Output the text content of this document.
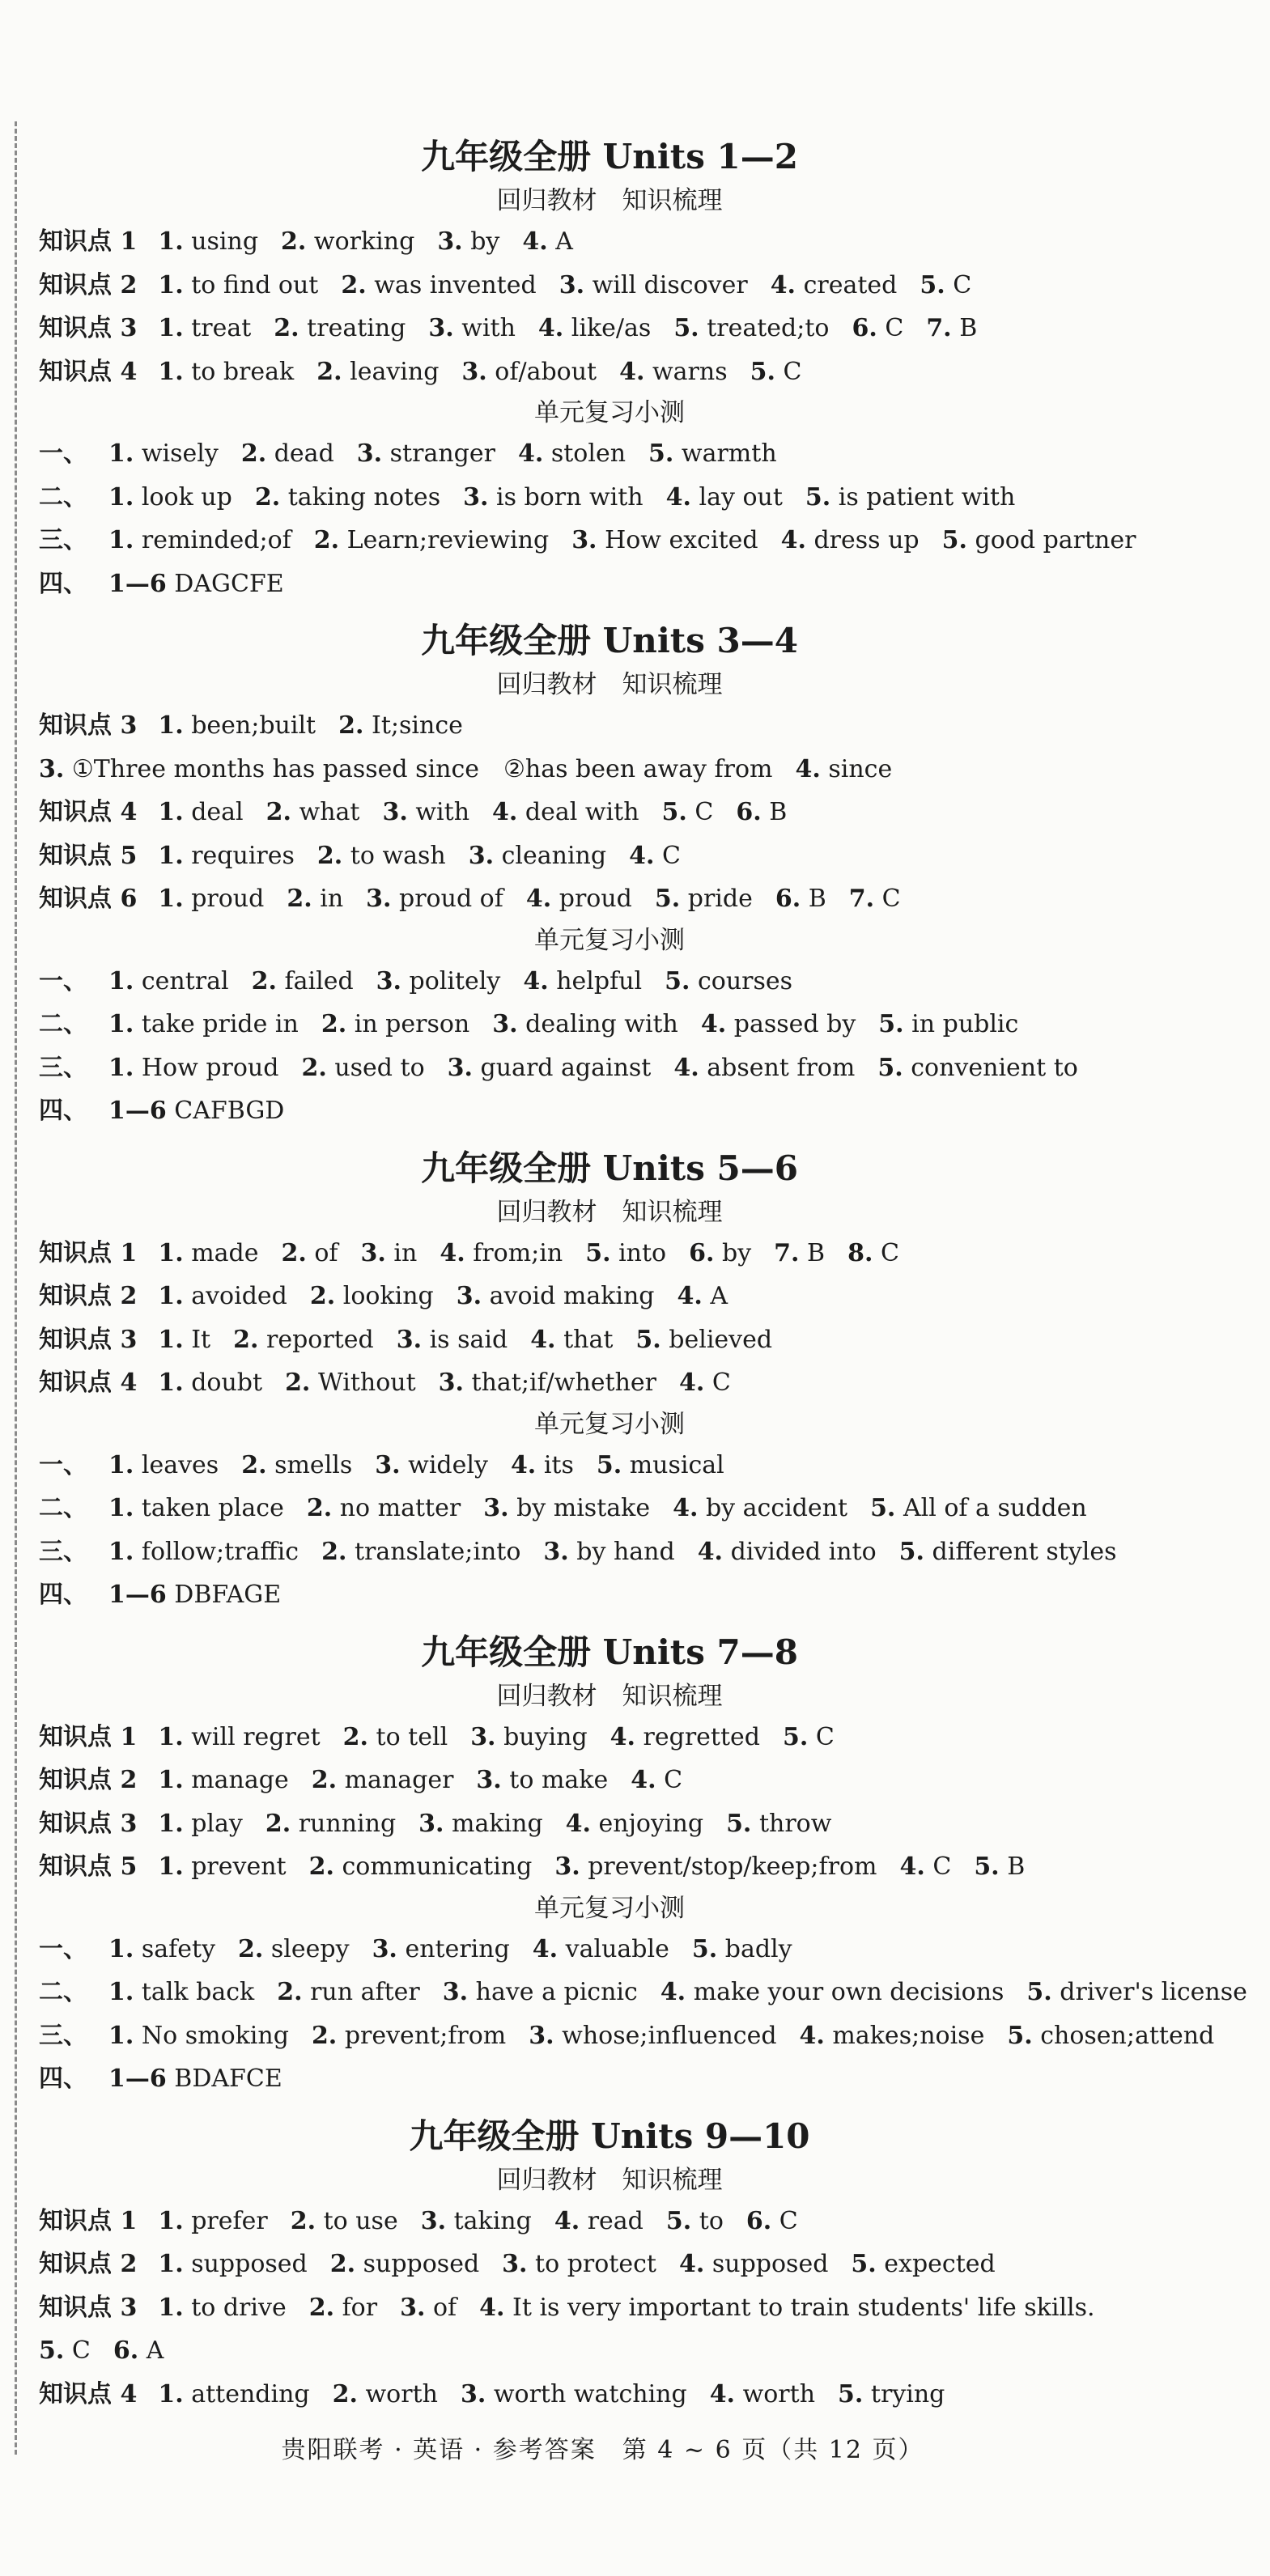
九年级全册 Units 1—2
回归教材　知识梳理
知识点 1 1. using 2. working 3. by 4. A
知识点 2 1. to find out 2. was invented 3. will discover 4. created 5. C
知识点 3 1. treat 2. treating 3. with 4. like/as 5. treated;to 6. C 7. B
知识点 4 1. to break 2. leaving 3. of/about 4. warns 5. C
单元复习小测
一、 1. wisely 2. dead 3. stranger 4. stolen 5. warmth
二、 1. look up 2. taking notes 3. is born with 4. lay out 5. is patient with
三、 1. reminded;of 2. Learn;reviewing 3. How excited 4. dress up 5. good partner
四、 1—6 DAGCFE
九年级全册 Units 3—4
回归教材　知识梳理
知识点 3 1. been;built 2. It;since
3. ①Three months has passed since　②has been away from 4. since
知识点 4 1. deal 2. what 3. with 4. deal with 5. C 6. B
知识点 5 1. requires 2. to wash 3. cleaning 4. C
知识点 6 1. proud 2. in 3. proud of 4. proud 5. pride 6. B 7. C
单元复习小测
一、 1. central 2. failed 3. politely 4. helpful 5. courses
二、 1. take pride in 2. in person 3. dealing with 4. passed by 5. in public
三、 1. How proud 2. used to 3. guard against 4. absent from 5. convenient to
四、 1—6 CAFBGD
九年级全册 Units 5—6
回归教材　知识梳理
知识点 1 1. made 2. of 3. in 4. from;in 5. into 6. by 7. B 8. C
知识点 2 1. avoided 2. looking 3. avoid making 4. A
知识点 3 1. It 2. reported 3. is said 4. that 5. believed
知识点 4 1. doubt 2. Without 3. that;if/whether 4. C
单元复习小测
一、 1. leaves 2. smells 3. widely 4. its 5. musical
二、 1. taken place 2. no matter 3. by mistake 4. by accident 5. All of a sudden
三、 1. follow;traffic 2. translate;into 3. by hand 4. divided into 5. different styles
四、 1—6 DBFAGE
九年级全册 Units 7—8
回归教材　知识梳理
知识点 1 1. will regret 2. to tell 3. buying 4. regretted 5. C
知识点 2 1. manage 2. manager 3. to make 4. C
知识点 3 1. play 2. running 3. making 4. enjoying 5. throw
知识点 5 1. prevent 2. communicating 3. prevent/stop/keep;from 4. C 5. B
单元复习小测
一、 1. safety 2. sleepy 3. entering 4. valuable 5. badly
二、 1. talk back 2. run after 3. have a picnic 4. make your own decisions 5. driver's license
三、 1. No smoking 2. prevent;from 3. whose;influenced 4. makes;noise 5. chosen;attend
四、 1—6 BDAFCE
九年级全册 Units 9—10
回归教材　知识梳理
知识点 1 1. prefer 2. to use 3. taking 4. read 5. to 6. C
知识点 2 1. supposed 2. supposed 3. to protect 4. supposed 5. expected
知识点 3 1. to drive 2. for 3. of 4. It is very important to train students' life skills.
5. C 6. A
知识点 4 1. attending 2. worth 3. worth watching 4. worth 5. trying
贵阳联考 · 英语 · 参考答案　第 4 ~ 6 页（共 12 页）
